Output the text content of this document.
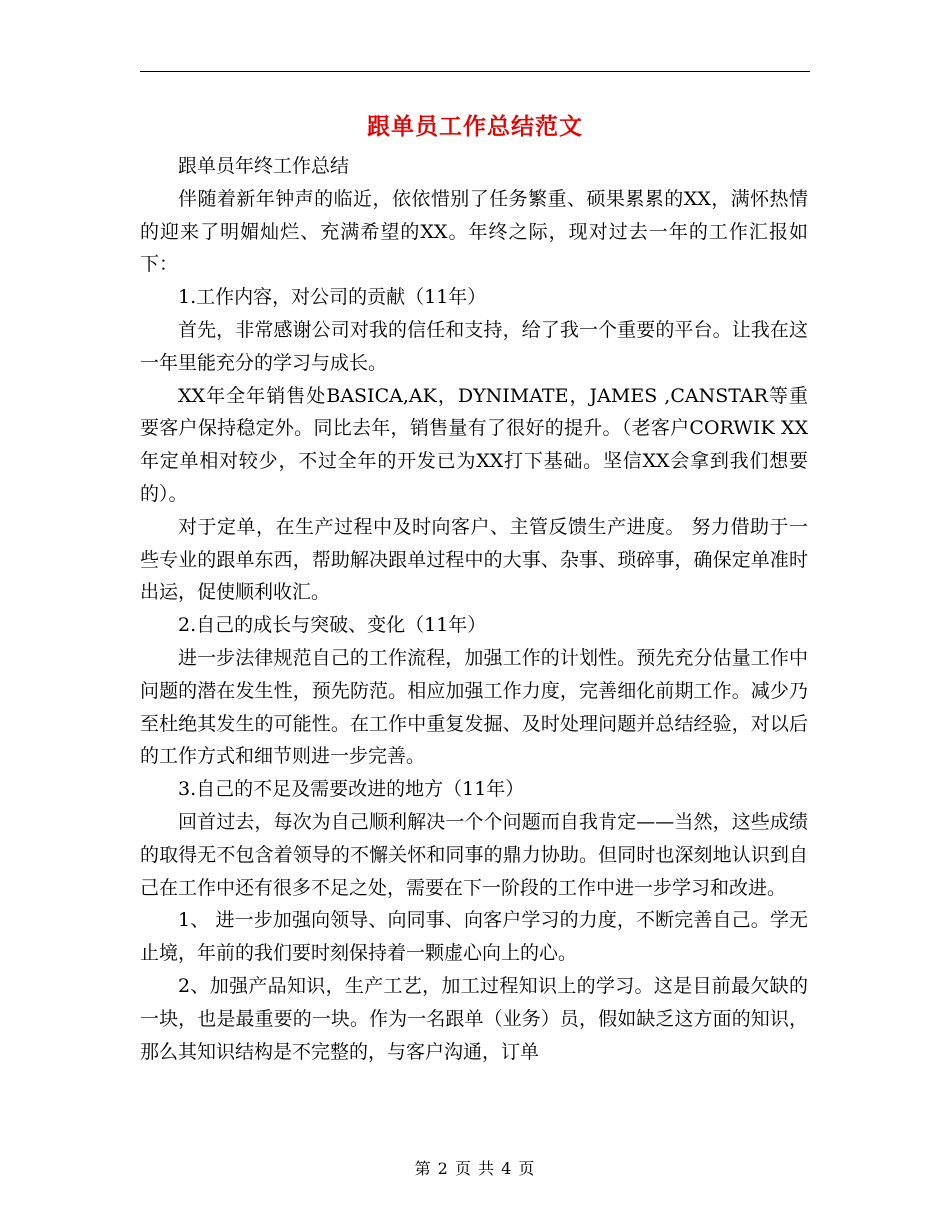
跟单员工作总结范文

跟单员年终工作总结

伴随着新年钟声的临近，依依惜别了任务繁重、硕果累累的XX，满怀热情的迎来了明媚灿烂、充满希望的XX。年终之际，现对过去一年的工作汇报如下：

1.工作内容，对公司的贡献（11年）

首先，非常感谢公司对我的信任和支持，给了我一个重要的平台。让我在这一年里能充分的学习与成长。

XX年全年销售处BASICA,AK，DYNIMATE，JAMES ,CANSTAR等重要客户保持稳定外。同比去年，销售量有了很好的提升。（老客户CORWIK XX年定单相对较少，不过全年的开发已为XX打下基础。坚信XX会拿到我们想要的）。

对于定单，在生产过程中及时向客户、主管反馈生产进度。 努力借助于一些专业的跟单东西，帮助解决跟单过程中的大事、杂事、琐碎事，确保定单准时出运，促使顺利收汇。

2.自己的成长与突破、变化（11年）

进一步法律规范自己的工作流程，加强工作的计划性。预先充分估量工作中问题的潜在发生性，预先防范。相应加强工作力度，完善细化前期工作。减少乃至杜绝其发生的可能性。在工作中重复发掘、及时处理问题并总结经验，对以后的工作方式和细节则进一步完善。

3.自己的不足及需要改进的地方（11年）

回首过去，每次为自己顺利解决一个个问题而自我肯定——当然，这些成绩的取得无不包含着领导的不懈关怀和同事的鼎力协助。但同时也深刻地认识到自己在工作中还有很多不足之处，需要在下一阶段的工作中进一步学习和改进。

1、 进一步加强向领导、向同事、向客户学习的力度，不断完善自己。学无止境，年前的我们要时刻保持着一颗虚心向上的心。

2、加强产品知识，生产工艺，加工过程知识上的学习。这是目前最欠缺的一块，也是最重要的一块。作为一名跟单（业务）员，假如缺乏这方面的知识，那么其知识结构是不完整的，与客户沟通，订单

第 2 页 共 4 页
